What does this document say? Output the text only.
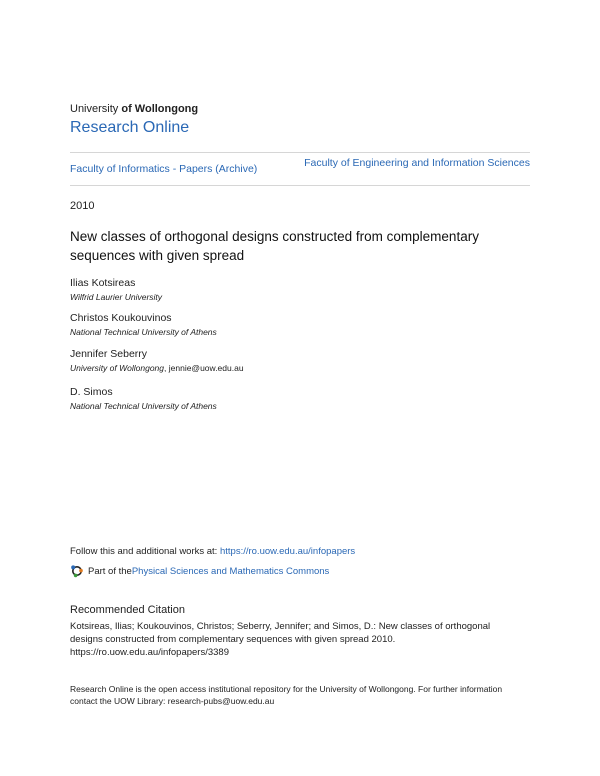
University of Wollongong
Research Online
Faculty of Informatics - Papers (Archive)	Faculty of Engineering and Information Sciences
2010
New classes of orthogonal designs constructed from complementary sequences with given spread
Ilias Kotsireas
Wilfrid Laurier University
Christos Koukouvinos
National Technical University of Athens
Jennifer Seberry
University of Wollongong, jennie@uow.edu.au
D. Simos
National Technical University of Athens
Follow this and additional works at: https://ro.uow.edu.au/infopapers
Part of the Physical Sciences and Mathematics Commons
Recommended Citation
Kotsireas, Ilias; Koukouvinos, Christos; Seberry, Jennifer; and Simos, D.: New classes of orthogonal
designs constructed from complementary sequences with given spread 2010.
https://ro.uow.edu.au/infopapers/3389
Research Online is the open access institutional repository for the University of Wollongong. For further information
contact the UOW Library: research-pubs@uow.edu.au
